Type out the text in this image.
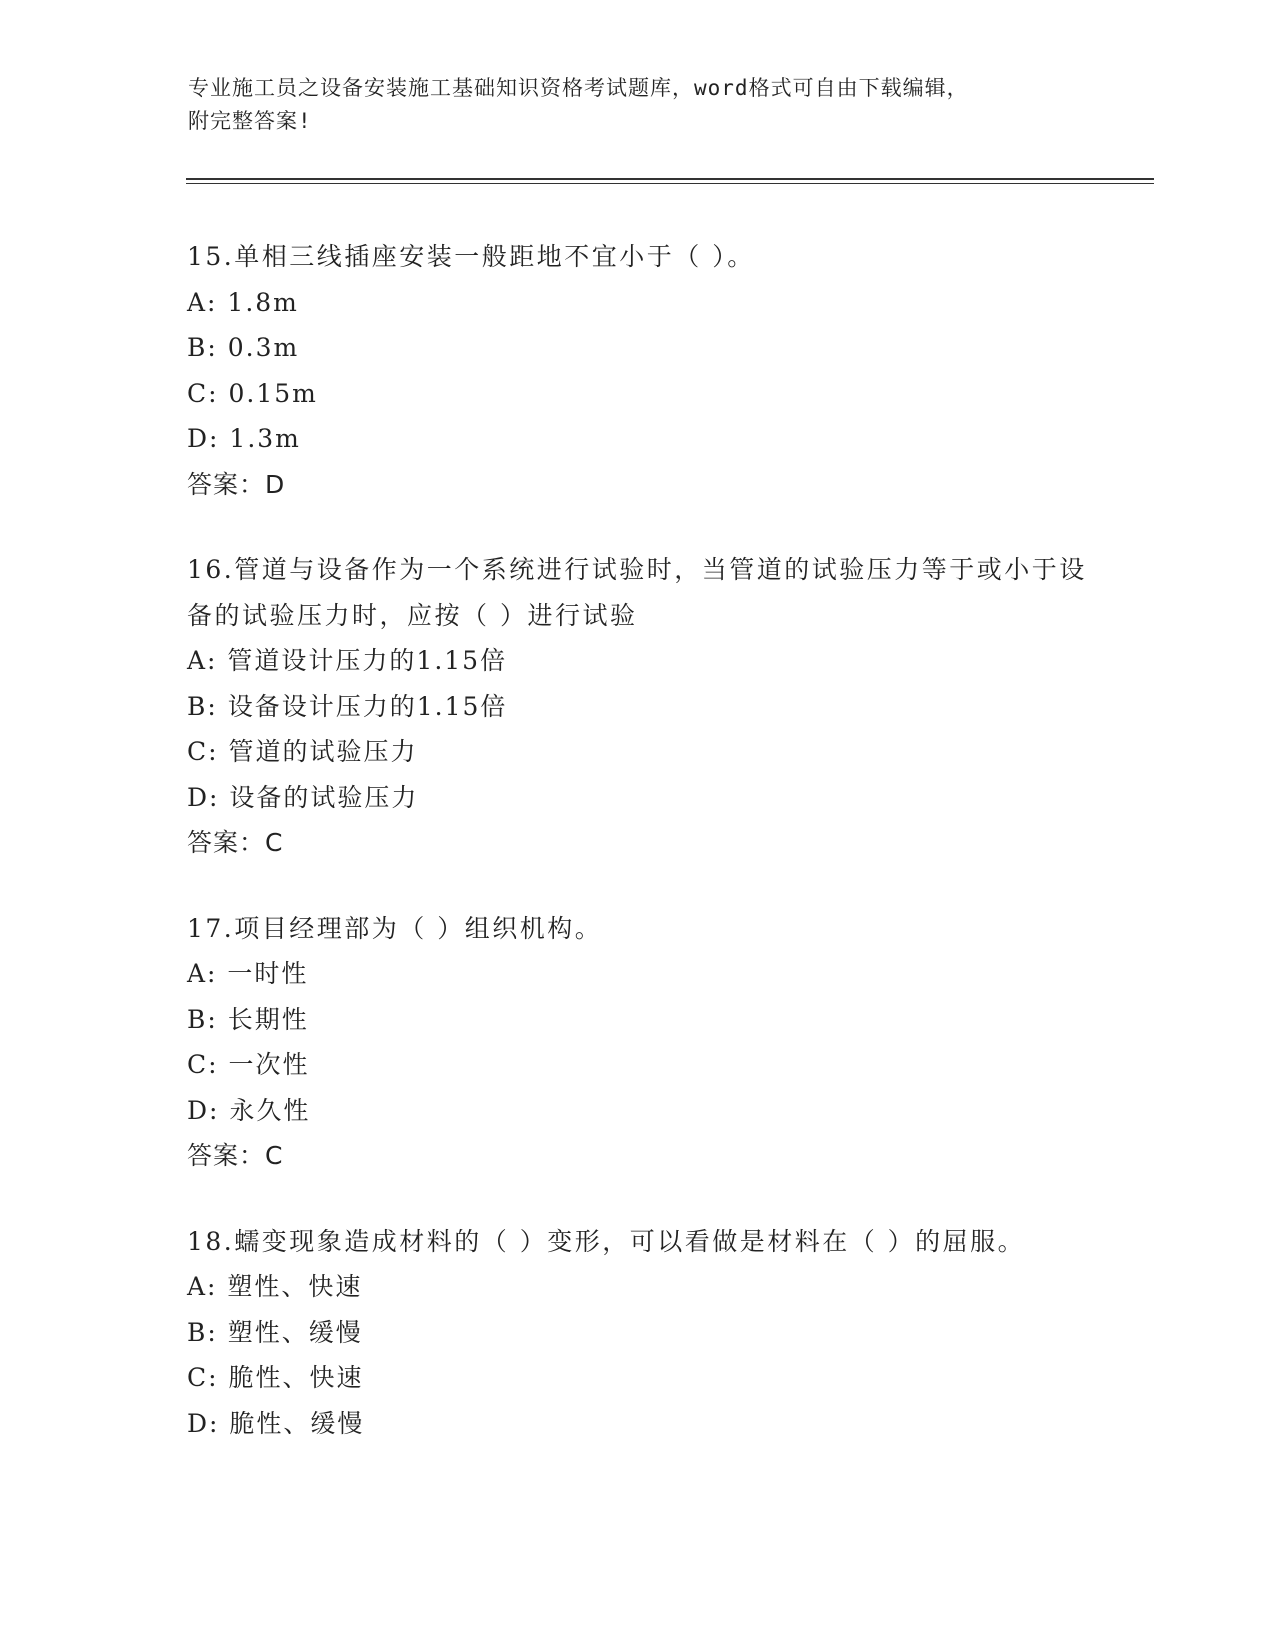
专业施工员之设备安装施工基础知识资格考试题库，word格式可自由下载编辑，
附完整答案!
15.单相三线插座安装一般距地不宜小于（ ）。
A: 1.8m
B: 0.3m
C: 0.15m
D: 1.3m
答案：D
16.管道与设备作为一个系统进行试验时，当管道的试验压力等于或小于设备的试验压力时，应按（ ）进行试验
A: 管道设计压力的1.15倍
B: 设备设计压力的1.15倍
C: 管道的试验压力
D: 设备的试验压力
答案：C
17.项目经理部为（ ）组织机构。
A: 一时性
B: 长期性
C: 一次性
D: 永久性
答案：C
18.蠕变现象造成材料的（ ）变形，可以看做是材料在（ ）的屈服。
A: 塑性、快速
B: 塑性、缓慢
C: 脆性、快速
D: 脆性、缓慢
